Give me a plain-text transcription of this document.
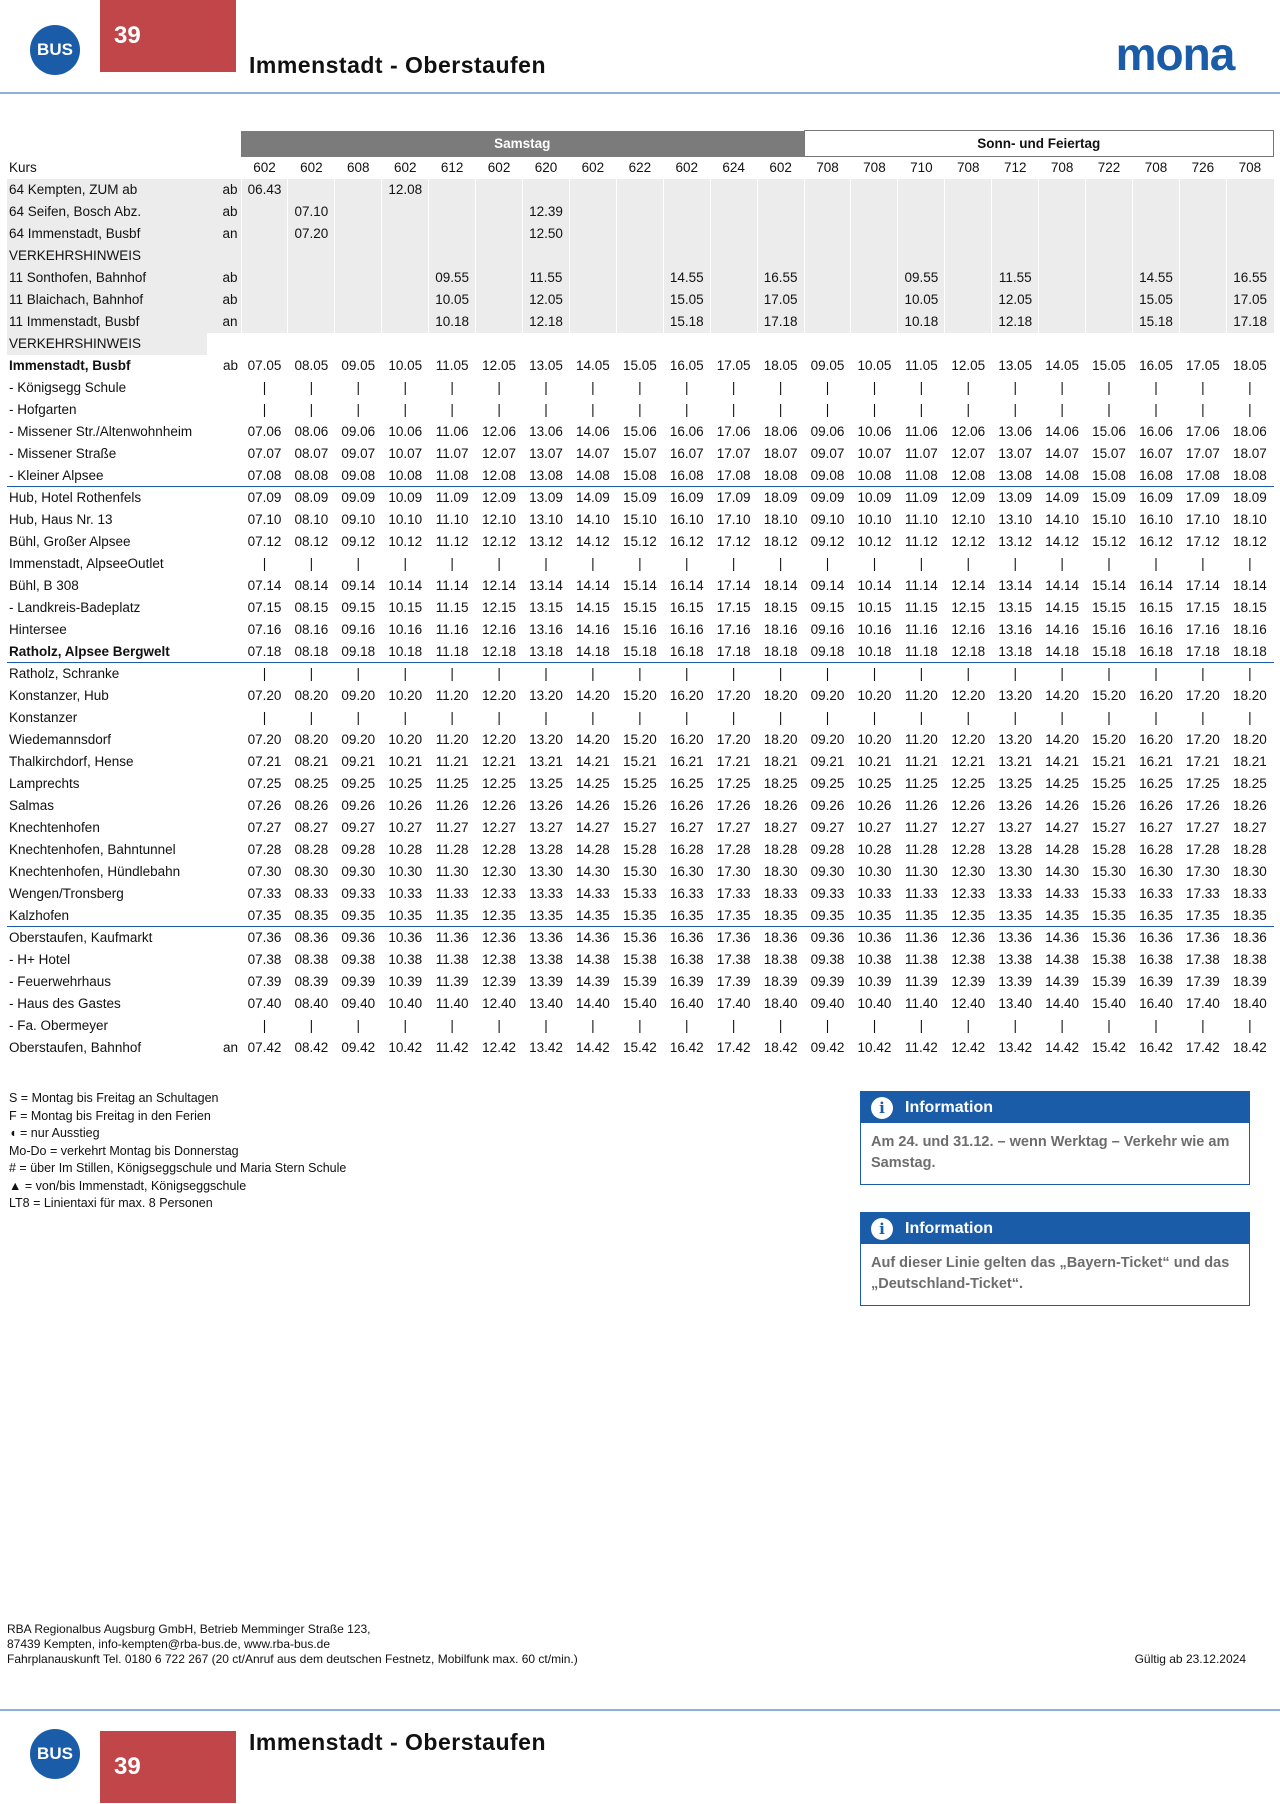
BUS
39
Immenstadt - Oberstaufen	mona
		Samstag												Sonn- und Feiertag									
Kurs		602	602	608	602	612	602	620	602	622	602	624	602	708	708	710	708	712	708	722	708	726	708
64 Kempten, ZUM ab	ab	06.43			12.08																		
64 Seifen, Bosch Abz.	ab		07.10					12.39															
64 Immenstadt, Busbf	an		07.20					12.50															
VERKEHRSHINWEIS																							
11 Sonthofen, Bahnhof	ab					09.55		11.55			14.55		16.55			09.55		11.55			14.55		16.55
11 Blaichach, Bahnhof	ab					10.05		12.05			15.05		17.05			10.05		12.05			15.05		17.05
11 Immenstadt, Busbf	an					10.18		12.18			15.18		17.18			10.18		12.18			15.18		17.18
VERKEHRSHINWEIS																							
Immenstadt, Busbf	ab	07.05	08.05	09.05	10.05	11.05	12.05	13.05	14.05	15.05	16.05	17.05	18.05	09.05	10.05	11.05	12.05	13.05	14.05	15.05	16.05	17.05	18.05
- Königsegg Schule		|	|	|	|	|	|	|	|	|	|	|	|	|	|	|	|	|	|	|	|	|	|
- Hofgarten		|	|	|	|	|	|	|	|	|	|	|	|	|	|	|	|	|	|	|	|	|	|
- Missener Str./Altenwohnheim		07.06	08.06	09.06	10.06	11.06	12.06	13.06	14.06	15.06	16.06	17.06	18.06	09.06	10.06	11.06	12.06	13.06	14.06	15.06	16.06	17.06	18.06
- Missener Straße		07.07	08.07	09.07	10.07	11.07	12.07	13.07	14.07	15.07	16.07	17.07	18.07	09.07	10.07	11.07	12.07	13.07	14.07	15.07	16.07	17.07	18.07
- Kleiner Alpsee		07.08	08.08	09.08	10.08	11.08	12.08	13.08	14.08	15.08	16.08	17.08	18.08	09.08	10.08	11.08	12.08	13.08	14.08	15.08	16.08	17.08	18.08
Hub, Hotel Rothenfels		07.09	08.09	09.09	10.09	11.09	12.09	13.09	14.09	15.09	16.09	17.09	18.09	09.09	10.09	11.09	12.09	13.09	14.09	15.09	16.09	17.09	18.09
Hub, Haus Nr. 13		07.10	08.10	09.10	10.10	11.10	12.10	13.10	14.10	15.10	16.10	17.10	18.10	09.10	10.10	11.10	12.10	13.10	14.10	15.10	16.10	17.10	18.10
Bühl, Großer Alpsee		07.12	08.12	09.12	10.12	11.12	12.12	13.12	14.12	15.12	16.12	17.12	18.12	09.12	10.12	11.12	12.12	13.12	14.12	15.12	16.12	17.12	18.12
Immenstadt, AlpseeOutlet		|	|	|	|	|	|	|	|	|	|	|	|	|	|	|	|	|	|	|	|	|	|
Bühl, B 308		07.14	08.14	09.14	10.14	11.14	12.14	13.14	14.14	15.14	16.14	17.14	18.14	09.14	10.14	11.14	12.14	13.14	14.14	15.14	16.14	17.14	18.14
- Landkreis-Badeplatz		07.15	08.15	09.15	10.15	11.15	12.15	13.15	14.15	15.15	16.15	17.15	18.15	09.15	10.15	11.15	12.15	13.15	14.15	15.15	16.15	17.15	18.15
Hintersee		07.16	08.16	09.16	10.16	11.16	12.16	13.16	14.16	15.16	16.16	17.16	18.16	09.16	10.16	11.16	12.16	13.16	14.16	15.16	16.16	17.16	18.16
Ratholz, Alpsee Bergwelt		07.18	08.18	09.18	10.18	11.18	12.18	13.18	14.18	15.18	16.18	17.18	18.18	09.18	10.18	11.18	12.18	13.18	14.18	15.18	16.18	17.18	18.18
Ratholz, Schranke		|	|	|	|	|	|	|	|	|	|	|	|	|	|	|	|	|	|	|	|	|	|
Konstanzer, Hub		07.20	08.20	09.20	10.20	11.20	12.20	13.20	14.20	15.20	16.20	17.20	18.20	09.20	10.20	11.20	12.20	13.20	14.20	15.20	16.20	17.20	18.20
Konstanzer		|	|	|	|	|	|	|	|	|	|	|	|	|	|	|	|	|	|	|	|	|	|
Wiedemannsdorf		07.20	08.20	09.20	10.20	11.20	12.20	13.20	14.20	15.20	16.20	17.20	18.20	09.20	10.20	11.20	12.20	13.20	14.20	15.20	16.20	17.20	18.20
Thalkirchdorf, Hense		07.21	08.21	09.21	10.21	11.21	12.21	13.21	14.21	15.21	16.21	17.21	18.21	09.21	10.21	11.21	12.21	13.21	14.21	15.21	16.21	17.21	18.21
Lamprechts		07.25	08.25	09.25	10.25	11.25	12.25	13.25	14.25	15.25	16.25	17.25	18.25	09.25	10.25	11.25	12.25	13.25	14.25	15.25	16.25	17.25	18.25
Salmas		07.26	08.26	09.26	10.26	11.26	12.26	13.26	14.26	15.26	16.26	17.26	18.26	09.26	10.26	11.26	12.26	13.26	14.26	15.26	16.26	17.26	18.26
Knechtenhofen		07.27	08.27	09.27	10.27	11.27	12.27	13.27	14.27	15.27	16.27	17.27	18.27	09.27	10.27	11.27	12.27	13.27	14.27	15.27	16.27	17.27	18.27
Knechtenhofen, Bahntunnel		07.28	08.28	09.28	10.28	11.28	12.28	13.28	14.28	15.28	16.28	17.28	18.28	09.28	10.28	11.28	12.28	13.28	14.28	15.28	16.28	17.28	18.28
Knechtenhofen, Hündlebahn		07.30	08.30	09.30	10.30	11.30	12.30	13.30	14.30	15.30	16.30	17.30	18.30	09.30	10.30	11.30	12.30	13.30	14.30	15.30	16.30	17.30	18.30
Wengen/Tronsberg		07.33	08.33	09.33	10.33	11.33	12.33	13.33	14.33	15.33	16.33	17.33	18.33	09.33	10.33	11.33	12.33	13.33	14.33	15.33	16.33	17.33	18.33
Kalzhofen		07.35	08.35	09.35	10.35	11.35	12.35	13.35	14.35	15.35	16.35	17.35	18.35	09.35	10.35	11.35	12.35	13.35	14.35	15.35	16.35	17.35	18.35
Oberstaufen, Kaufmarkt		07.36	08.36	09.36	10.36	11.36	12.36	13.36	14.36	15.36	16.36	17.36	18.36	09.36	10.36	11.36	12.36	13.36	14.36	15.36	16.36	17.36	18.36
- H+ Hotel		07.38	08.38	09.38	10.38	11.38	12.38	13.38	14.38	15.38	16.38	17.38	18.38	09.38	10.38	11.38	12.38	13.38	14.38	15.38	16.38	17.38	18.38
- Feuerwehrhaus		07.39	08.39	09.39	10.39	11.39	12.39	13.39	14.39	15.39	16.39	17.39	18.39	09.39	10.39	11.39	12.39	13.39	14.39	15.39	16.39	17.39	18.39
- Haus des Gastes		07.40	08.40	09.40	10.40	11.40	12.40	13.40	14.40	15.40	16.40	17.40	18.40	09.40	10.40	11.40	12.40	13.40	14.40	15.40	16.40	17.40	18.40
- Fa. Obermeyer		|	|	|	|	|	|	|	|	|	|	|	|	|	|	|	|	|	|	|	|	|	|
Oberstaufen, Bahnhof	an	07.42	08.42	09.42	10.42	11.42	12.42	13.42	14.42	15.42	16.42	17.42	18.42	09.42	10.42	11.42	12.42	13.42	14.42	15.42	16.42	17.42	18.42
S = Montag bis Freitag an Schultagen
F = Montag bis Freitag in den Ferien
◖ = nur Ausstieg
Mo-Do = verkehrt Montag bis Donnerstag
# = über Im Stillen, Königseggschule und Maria Stern Schule
▲ = von/bis Immenstadt, Königseggschule
LT8 = Linientaxi für max. 8 Personen
i	Information
Am 24. und 31.12. – wenn Werktag – Verkehr wie am Samstag.
i	Information
Auf dieser Linie gelten das „Bayern-Ticket“ und das „Deutschland-Ticket“.
RBA Regionalbus Augsburg GmbH, Betrieb Memminger Straße 123,
87439 Kempten, info-kempten@rba-bus.de, www.rba-bus.de
Fahrplanauskunft Tel. 0180 6 722 267 (20 ct/Anruf aus dem deutschen Festnetz, Mobilfunk max. 60 ct/min.)	Gültig ab 23.12.2024
BUS	39
Immenstadt - Oberstaufen
